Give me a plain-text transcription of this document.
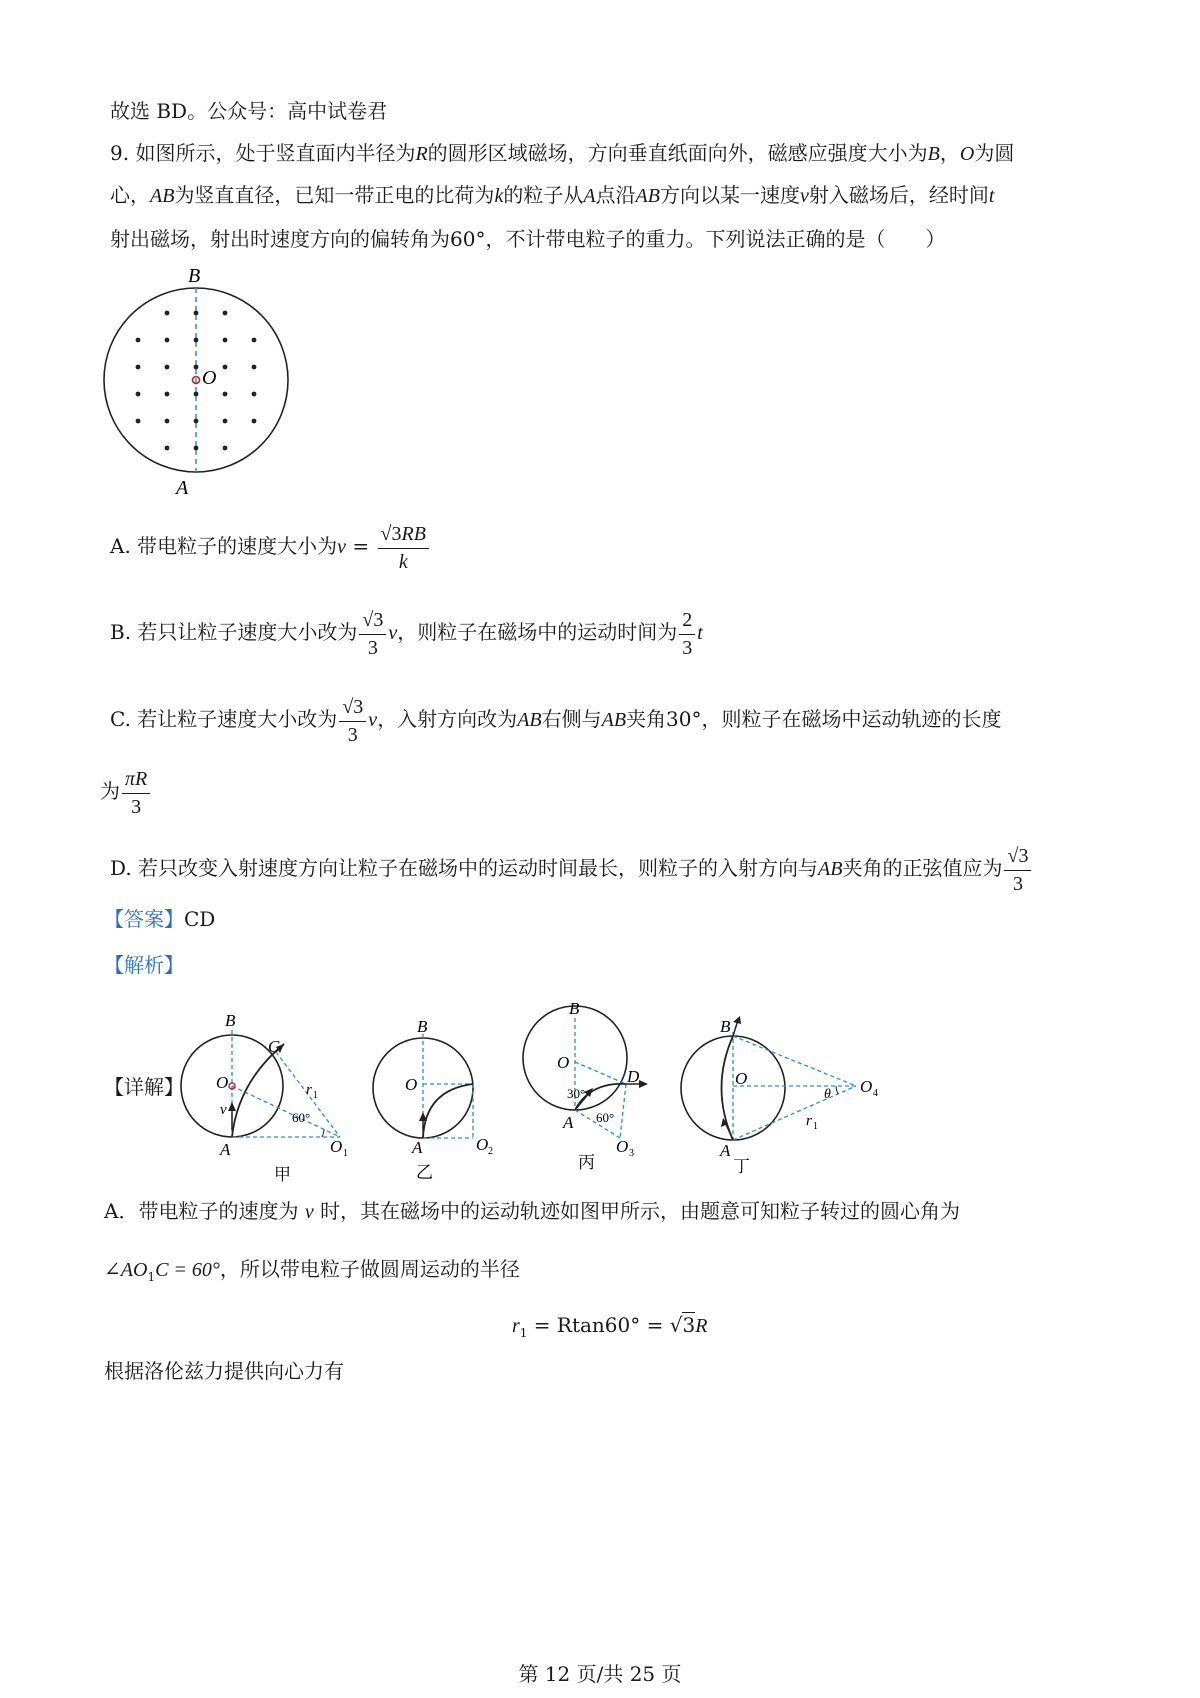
故选 BD。公众号：高中试卷君
9. 如图所示，处于竖直面内半径为R的圆形区域磁场，方向垂直纸面向外，磁感应强度大小为B，O为圆
心，AB为竖直直径，已知一带正电的比荷为k的粒子从A点沿AB方向以某一速度v射入磁场后，经时间t
射出磁场，射出时速度方向的偏转角为60°，不计带电粒子的重力。下列说法正确的是（　　）
B
O
A
A. 带电粒子的速度大小为$v = \frac{√3RB}{k}$
B. 若只让粒子速度大小改为 $\frac{√3}{3}$ v，则粒子在磁场中的运动时间为 $\frac{2}{3}$ t
C. 若让粒子速度大小改为 $\frac{√3}{3}$ v，入射方向改为AB右侧与AB夹角30°，则粒子在磁场中运动轨迹的长度
为 $\frac{\pi R}{3}$
D. 若只改变入射速度方向让粒子在磁场中的运动时间最长，则粒子的入射方向与AB夹角的正弦值应为 $\frac{√3}{3}$
【答案】CD
【解析】
【详解】
B
C
O
v
A
r 1
60°
O 1
甲
B
O
A	O 2
乙
B
O
D
30°
60°
A
O 3
丙
B
O
θ O 4
r 1
A
丁
A．带电粒子的速度为 v 时，其在磁场中的运动轨迹如图甲所示，由题意可知粒子转过的圆心角为
$\angle AO_1C = 60^\circ$，所以带电粒子做圆周运动的半径
$r_1 = Rtan60^\circ = √3R$
根据洛伦兹力提供向心力有
第 12 页/共 25 页
